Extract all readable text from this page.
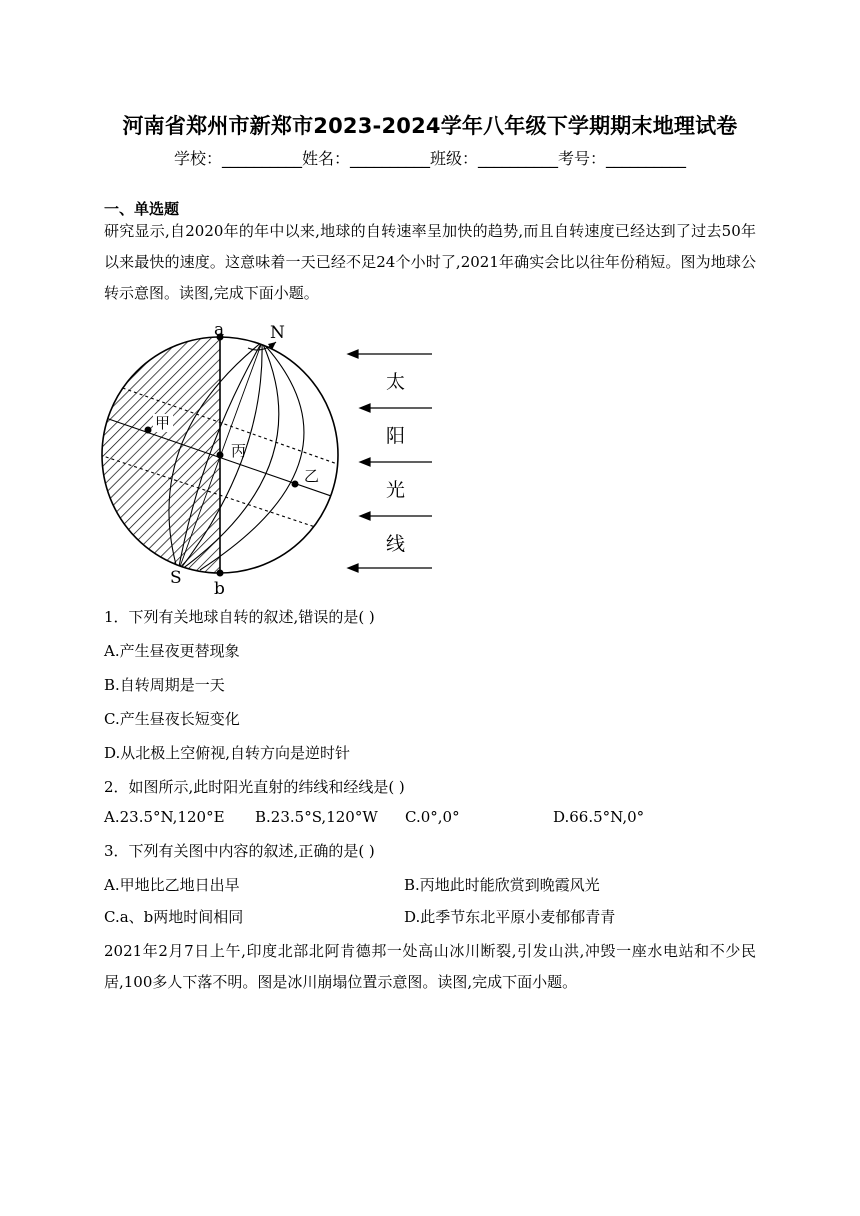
河南省郑州市新郑市2023-2024学年八年级下学期期末地理试卷
学校：__________姓名：__________班级：__________考号：__________
一、单选题
研究显示,自2020年的年中以来,地球的自转速率呈加快的趋势,而且自转速度已经达到了过去50年以来最快的速度。这意味着一天已经不足24个小时了,2021年确实会比以往年份稍短。图为地球公转示意图。读图,完成下面小题。
a	N
S
b
甲
丙
乙
太
阳
光
线
1．下列有关地球自转的叙述,错误的是( )
A.产生昼夜更替现象
B.自转周期是一天
C.产生昼夜长短变化
D.从北极上空俯视,自转方向是逆时针
2．如图所示,此时阳光直射的纬线和经线是( )
A.23.5°N,120°E B.23.5°S,120°W C.0°,0°	D.66.5°N,0°
3．下列有关图中内容的叙述,正确的是( )
A.甲地比乙地日出早	B.丙地此时能欣赏到晚霞风光
C.a、b两地时间相同	D.此季节东北平原小麦郁郁青青
2021年2月7日上午,印度北部北阿肯德邦一处高山冰川断裂,引发山洪,冲毁一座水电站和不少民居,100多人下落不明。图是冰川崩塌位置示意图。读图,完成下面小题。
